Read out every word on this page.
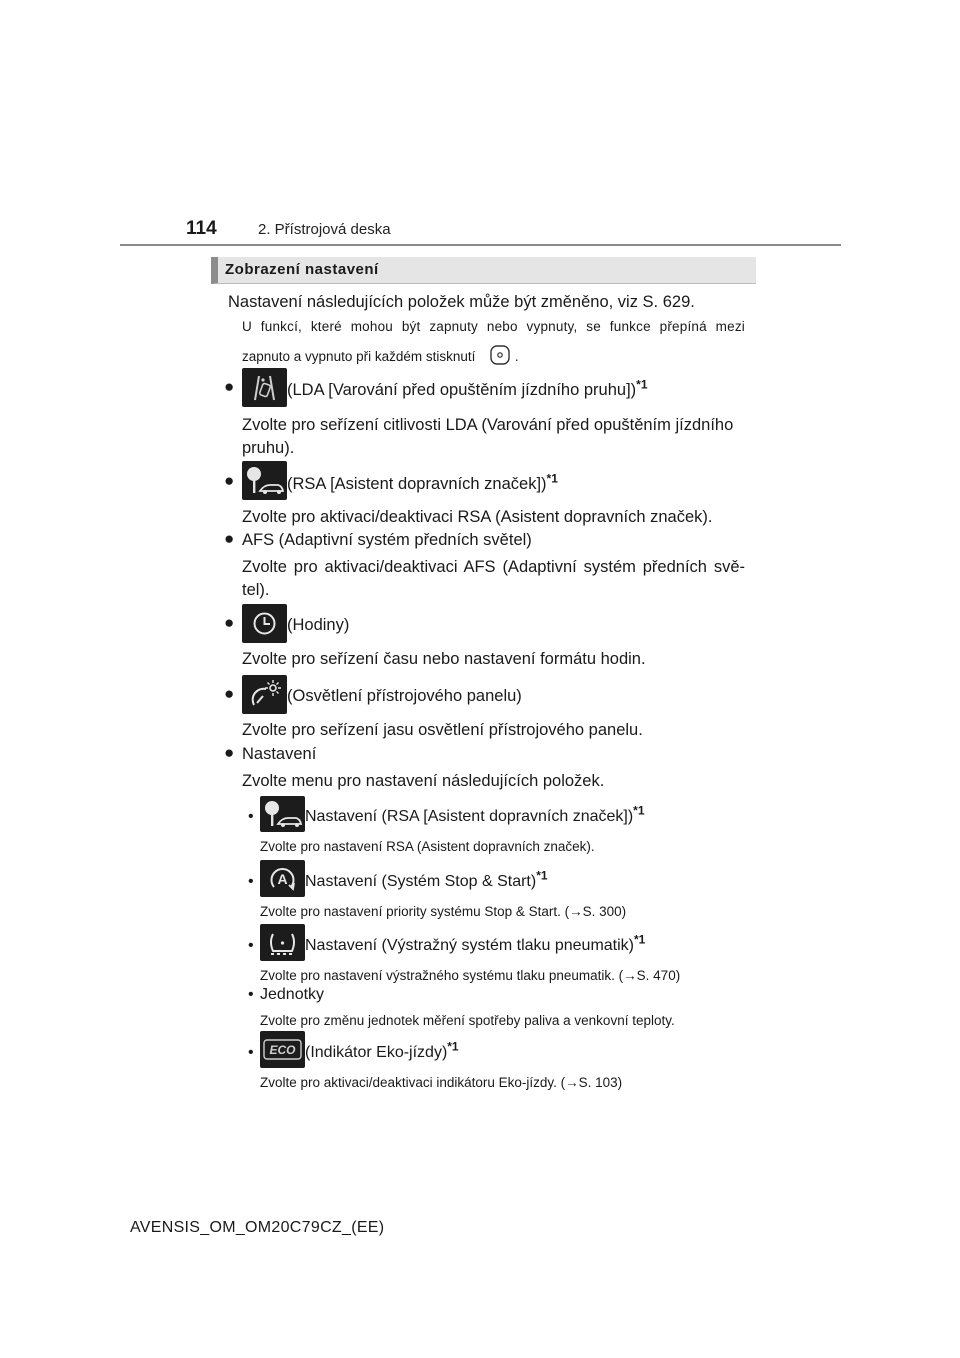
114	2. Přístrojová deska
Zobrazení nastavení
Nastavení následujících položek může být změněno, viz S. 629.
U funkcí, které mohou být zapnuty nebo vypnuty, se funkce přepíná mezi
zapnuto a vypnuto při každém stisknutí	.
●	(LDA [Varování před opuštěním jízdního pruhu])$^{*1}$
Zvolte pro seřízení citlivosti LDA (Varování před opuštěním jízdního
pruhu).
●	(RSA [Asistent dopravních značek])$^{*1}$
Zvolte pro aktivaci/deaktivaci RSA (Asistent dopravních značek).
● AFS (Adaptivní systém předních světel)
Zvolte pro aktivaci/deaktivaci AFS (Adaptivní systém předních svě-
tel).
●	(Hodiny)
Zvolte pro seřízení času nebo nastavení formátu hodin.
●	(Osvětlení přístrojového panelu)
Zvolte pro seřízení jasu osvětlení přístrojového panelu.
● Nastavení
Zvolte menu pro nastavení následujících položek.
•	Nastavení (RSA [Asistent dopravních značek])$^{*1}$
Zvolte pro nastavení RSA (Asistent dopravních značek).
• A Nastavení (Systém Stop & Start)$^{*1}$
Zvolte pro nastavení priority systému Stop & Start. (→S. 300)
•	Nastavení (Výstražný systém tlaku pneumatik)$^{*1}$
Zvolte pro nastavení výstražného systému tlaku pneumatik. (→S. 470)
• Jednotky
Zvolte pro změnu jednotek měření spotřeby paliva a venkovní teploty.
• ECO (Indikátor Eko-jízdy)$^{*1}$
Zvolte pro aktivaci/deaktivaci indikátoru Eko-jízdy. (→S. 103)
AVENSIS_OM_OM20C79CZ_(EE)
